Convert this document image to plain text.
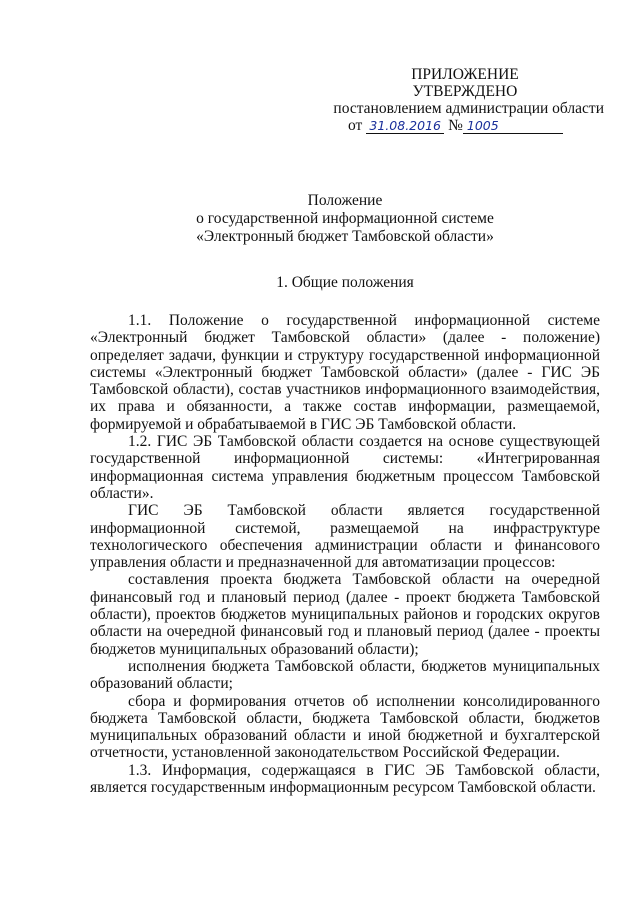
ПРИЛОЖЕНИЕ
УТВЕРЖДЕНО
постановлением администрации области
от 31.08.2016 № 1005
Положение
о государственной информационной системе
«Электронный бюджет Тамбовской области»
1. Общие положения

1.1. Положение о государственной информационной системе «Электронный бюджет Тамбовской области» (далее - положение) определяет задачи, функции и структуру государственной информационной системы «Электронный бюджет Тамбовской области» (далее - ГИС ЭБ Тамбовской области), состав участников информационного взаимодействия, их права и обязанности, а также состав информации, размещаемой, формируемой и обрабатываемой в ГИС ЭБ Тамбовской области.

1.2. ГИС ЭБ Тамбовской области создается на основе существующей государственной информационной системы: «Интегрированная информационная система управления бюджетным процессом Тамбовской области».

ГИС ЭБ Тамбовской области является государственной информационной системой, размещаемой на инфраструктуре технологического обеспечения администрации области и финансового управления области и предназначенной для автоматизации процессов:

составления проекта бюджета Тамбовской области на очередной финансовый год и плановый период (далее - проект бюджета Тамбовской области), проектов бюджетов муниципальных районов и городских округов области на очередной финансовый год и плановый период (далее - проекты бюджетов муниципальных образований области);

исполнения бюджета Тамбовской области, бюджетов муниципальных образований области;

сбора и формирования отчетов об исполнении консолидированного бюджета Тамбовской области, бюджета Тамбовской области, бюджетов муниципальных образований области и иной бюджетной и бухгалтерской отчетности, установленной законодательством Российской Федерации.

1.3. Информация, содержащаяся в ГИС ЭБ Тамбовской области, является государственным информационным ресурсом Тамбовской области.
